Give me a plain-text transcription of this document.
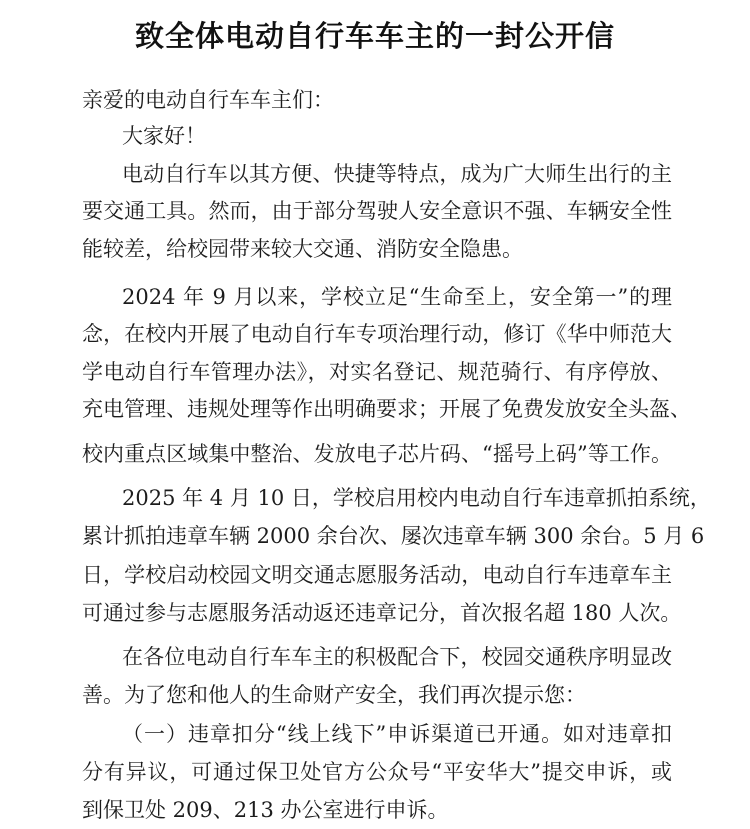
致全体电动自行车车主的一封公开信
亲爱的电动自行车车主们：
大家好！
电动自行车以其方便、快捷等特点，成为广大师生出行的主
要交通工具。然而，由于部分驾驶人安全意识不强、车辆安全性
能较差，给校园带来较大交通、消防安全隐患。
2024 年 9 月以来，学校立足“生命至上，安全第一”的理
念，在校内开展了电动自行车专项治理行动，修订《华中师范大
学电动自行车管理办法》，对实名登记、规范骑行、有序停放、
充电管理、违规处理等作出明确要求；开展了免费发放安全头盔、
校内重点区域集中整治、发放电子芯片码、“摇号上码”等工作。
2025 年 4 月 10 日，学校启用校内电动自行车违章抓拍系统，
累计抓拍违章车辆 2000 余台次、屡次违章车辆 300 余台。5 月 6
日，学校启动校园文明交通志愿服务活动，电动自行车违章车主
可通过参与志愿服务活动返还违章记分，首次报名超 180 人次。
在各位电动自行车车主的积极配合下，校园交通秩序明显改
善。为了您和他人的生命财产安全，我们再次提示您：
（一）违章扣分“线上线下”申诉渠道已开通。如对违章扣
分有异议，可通过保卫处官方公众号“平安华大”提交申诉，或
到保卫处 209、213 办公室进行申诉。
